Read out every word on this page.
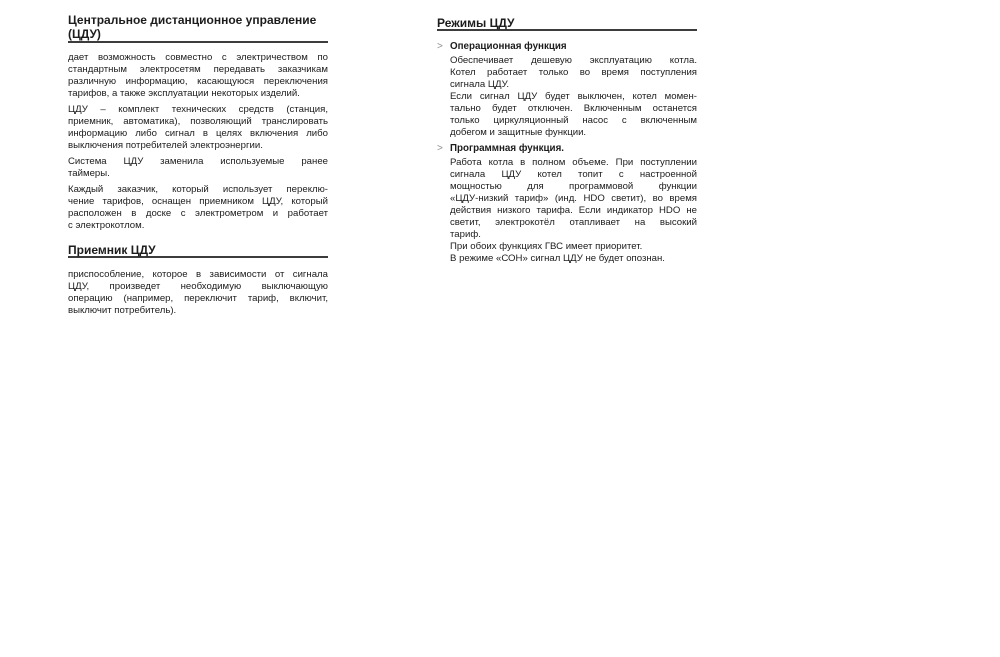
Центральное дистанционное управление
(ЦДУ)
дает возможность совместно с электричеством по
стандартным электросетям передавать заказчикам
различную информацию, касающуюся переключения
тарифов, а также эксплуатации некоторых изделий.
ЦДУ – комплект технических средств (станция,
приемник, автоматика), позволяющий транслировать
информацию либо сигнал в целях включения либо
выключения потребителей электроэнергии.
Система ЦДУ заменила используемые ранее
таймеры.
Каждый заказчик, который использует переклю-
чение тарифов, оснащен приемником ЦДУ, который
расположен в доске с электрометром и работает
с электрокотлом.
Приемник ЦДУ
приспособление, которое в зависимости от сигнала
ЦДУ, произведет необходимую выключающую
операцию (например, переключит тариф, включит,
выключит потребитель).
Режимы ЦДУ
> Операционная функция
Обеспечивает дешевую эксплуатацию котла.
Котел работает только во время поступления
сигнала ЦДУ.
Если сигнал ЦДУ будет выключен, котел момен-
тально будет отключен. Включенным останется
только циркуляционный насос с включенным
добегом и защитные функции.
> Программная функция.
Работа котла в полном объеме. При поступлении
сигнала ЦДУ котел топит с настроенной
мощностью для программовой функции
«ЦДУ-низкий тариф» (инд. HDO светит), во время
действия низкого тарифа. Если индикатор HDO не
светит, электрокотёл отапливает на высокий
тариф.
При обоих функциях ГВС имеет приоритет.
В режиме «СОН» сигнал ЦДУ не будет опознан.
